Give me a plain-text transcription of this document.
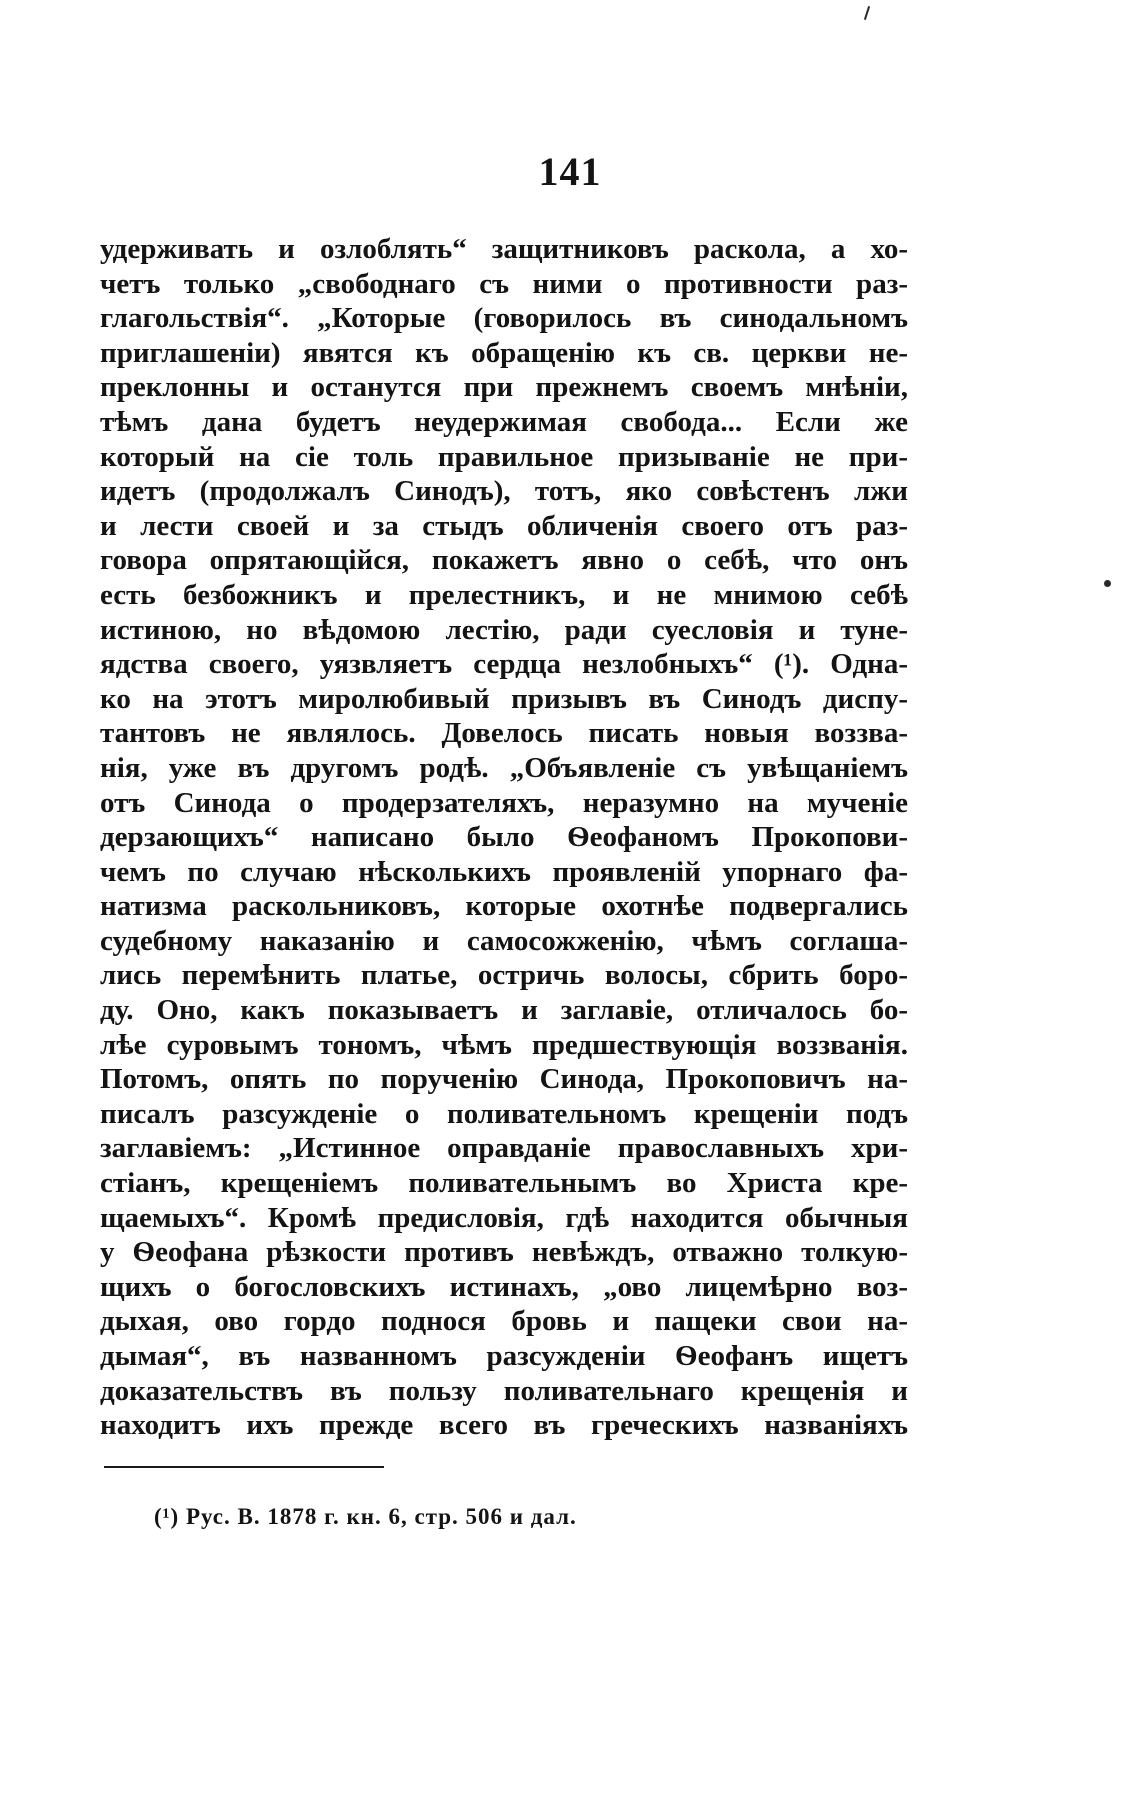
141
удерживать и озлоблять“ защитниковъ раскола, а хо-
четъ только „свободнаго съ ними о противности раз-
глагольствія“. „Которые (говорилось въ синодальномъ
приглашеніи) явятся къ обращенію къ св. церкви не-
преклонны и останутся при прежнемъ своемъ мнѣніи,
тѣмъ дана будетъ неудержимая свобода... Если же
который на сіе толь правильное призываніе не при-
идетъ (продолжалъ Синодъ), тотъ, яко совѣстенъ лжи
и лести своей и за стыдъ обличенія своего отъ раз-
говора опрятающійся, покажетъ явно о себѣ, что онъ
есть безбожникъ и прелестникъ, и не мнимою себѣ
истиною, но вѣдомою лестію, ради суесловія и туне-
ядства своего, уязвляетъ сердца незлобныхъ“ (¹). Одна-
ко на этотъ миролюбивый призывъ въ Синодъ диспу-
тантовъ не являлось. Довелось писать новыя воззва-
нія, уже въ другомъ родѣ. „Объявленіе съ увѣщаніемъ
отъ Синода о продерзателяхъ, неразумно на мученіе
дерзающихъ“ написано было Ѳеофаномъ Прокопови-
чемъ по случаю нѣсколькихъ проявленій упорнаго фа-
натизма раскольниковъ, которые охотнѣе подвергались
судебному наказанію и самосожженію, чѣмъ соглаша-
лись перемѣнить платье, остричь волосы, сбрить боро-
ду. Оно, какъ показываетъ и заглавіе, отличалось бо-
лѣе суровымъ тономъ, чѣмъ предшествующія воззванія.
Потомъ, опять по порученію Синода, Прокоповичъ на-
писалъ разсужденіе о поливательномъ крещеніи подъ
заглавіемъ: „Истинное оправданіе православныхъ хри-
стіанъ, крещеніемъ поливательнымъ во Христа кре-
щаемыхъ“. Кромѣ предисловія, гдѣ находится обычныя
у Ѳеофана рѣзкости противъ невѣждъ, отважно толкую-
щихъ о богословскихъ истинахъ, „ово лицемѣрно воз-
дыхая, ово гордо поднося бровь и пащеки свои на-
дымая“, въ названномъ разсужденіи Ѳеофанъ ищетъ
доказательствъ въ пользу поливательнаго крещенія и
находитъ ихъ прежде всего въ греческихъ названіяхъ
(¹) Рус. В. 1878 г. кн. 6, стр. 506 и дал.
